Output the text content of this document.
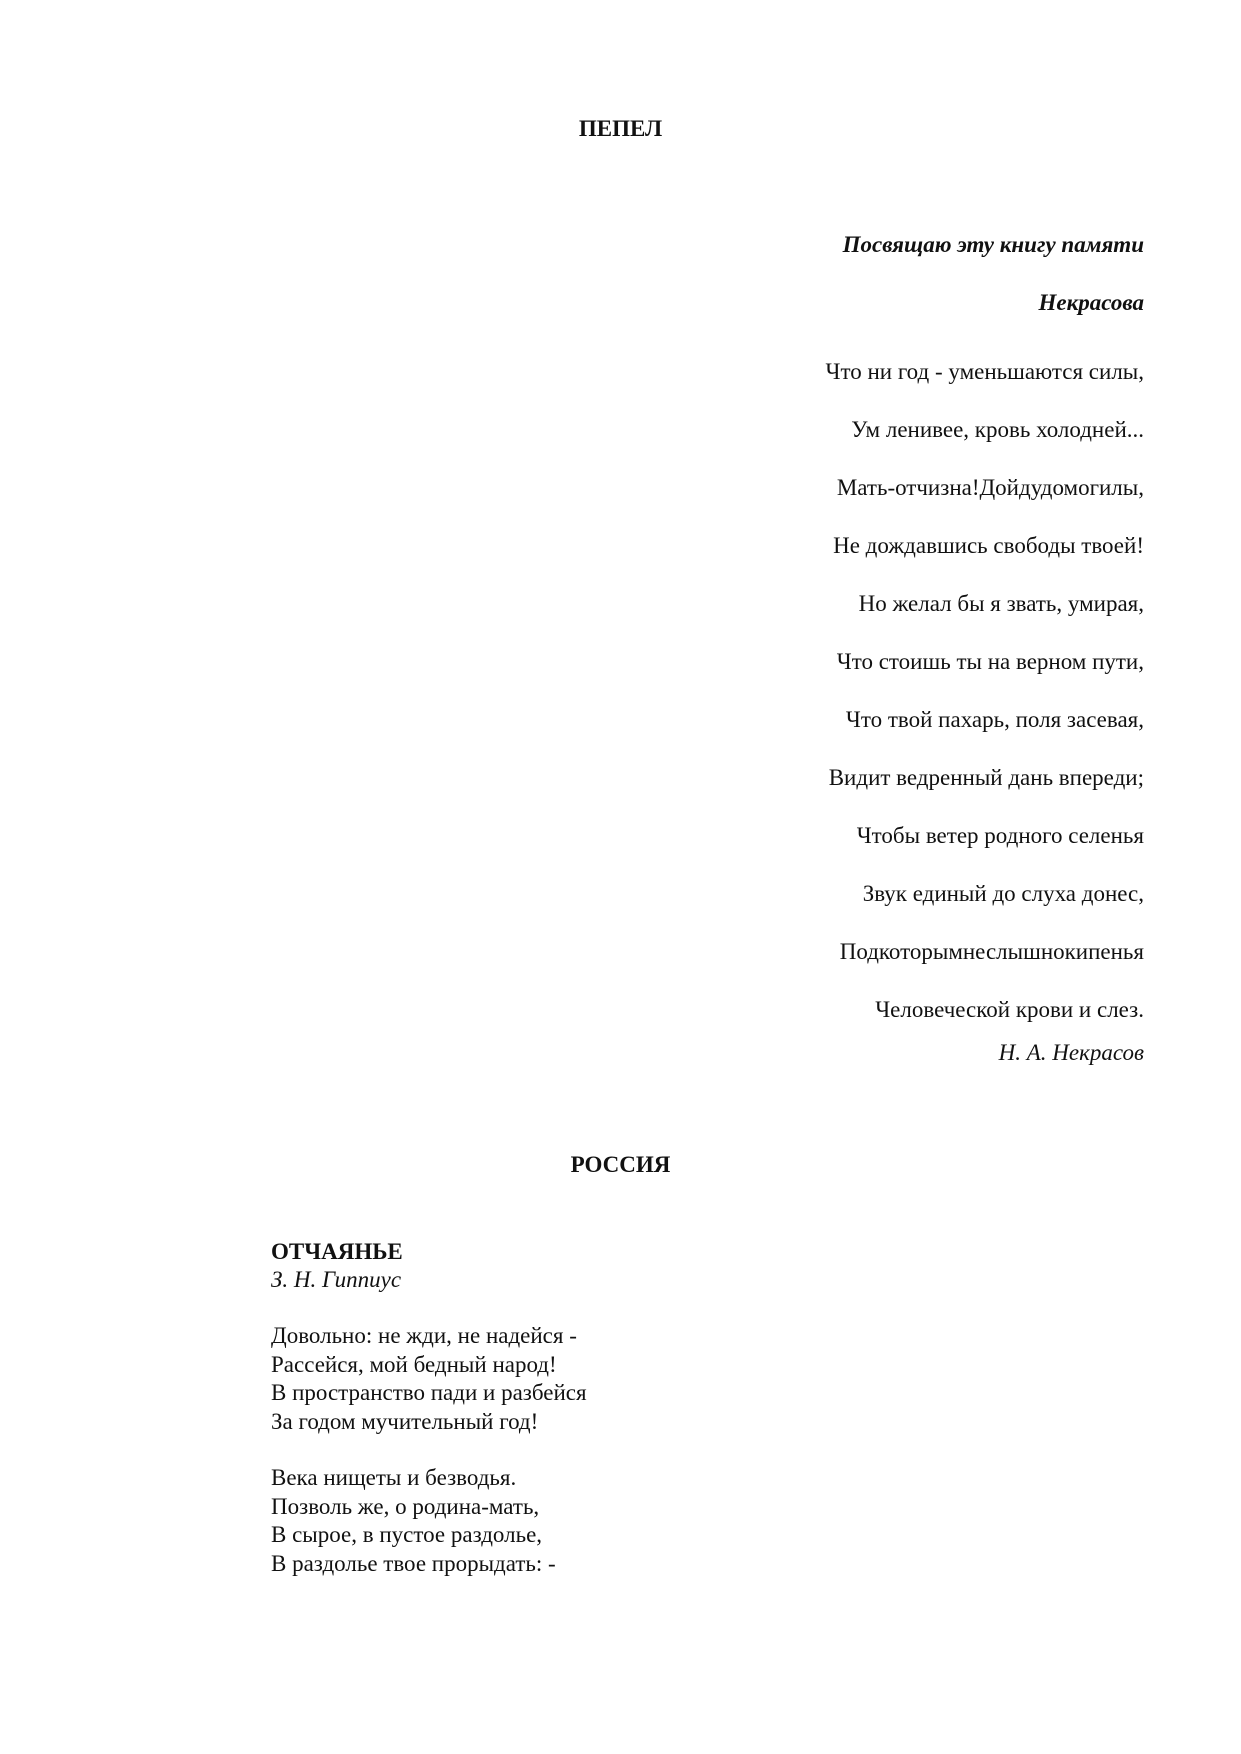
ПЕПЕЛ
Посвящаю эту книгу памяти
Некрасова
Что ни год - уменьшаются силы,
Ум ленивее, кровь холодней...
Мать-отчизна!Дойдудомогилы,
Не дождавшись свободы твоей!
Но желал бы я звать, умирая,
Что стоишь ты на верном пути,
Что твой пахарь, поля засевая,
Видит ведренный дань впереди;
Чтобы ветер родного селенья
Звук единый до слуха донес,
Подкоторымнеслышнокипенья
Человеческой крови и слез.
Н. А. Некрасов
РОССИЯ
ОТЧАЯНЬЕ
З. Н. Гиппиус
Довольно: не жди, не надейся -
Рассейся, мой бедный народ!
В пространство пади и разбейся
За годом мучительный год!
Века нищеты и безводья.
Позволь же, о родина-мать,
В сырое, в пустое раздолье,
В раздолье твое прорыдать: -
